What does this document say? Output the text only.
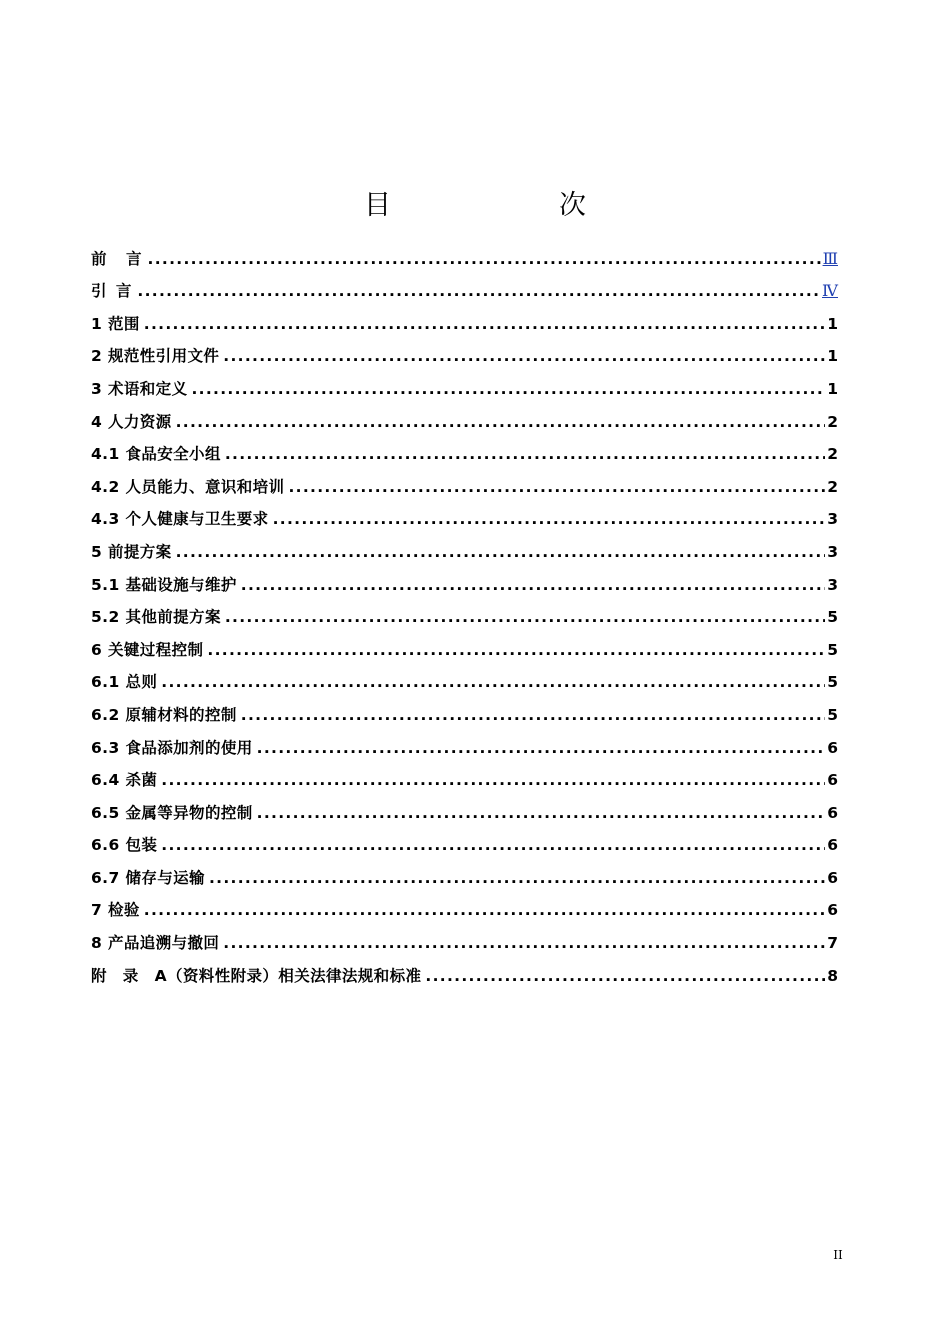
目　　次
前　言 .....	Ⅲ
引 言 .....	Ⅳ
1 范围 .....	1
2 规范性引用文件 .....	1
3 术语和定义 .....	1
4 人力资源 .....	2
4.1 食品安全小组 .....	2
4.2 人员能力、意识和培训 .....	2
4.3 个人健康与卫生要求 .....	3
5 前提方案 .....	3
5.1 基础设施与维护 .....	3
5.2 其他前提方案 .....	5
6 关键过程控制 .....	5
6.1 总则 .....	5
6.2 原辅材料的控制 .....	5
6.3 食品添加剂的使用 .....	6
6.4 杀菌 .....	6
6.5 金属等异物的控制 .....	6
6.6 包装 .....	6
6.7 储存与运输 .....	6
7 检验 .....	6
8 产品追溯与撤回 .....	7
附　录　A（资料性附录）相关法律法规和标准 .....	8
II
